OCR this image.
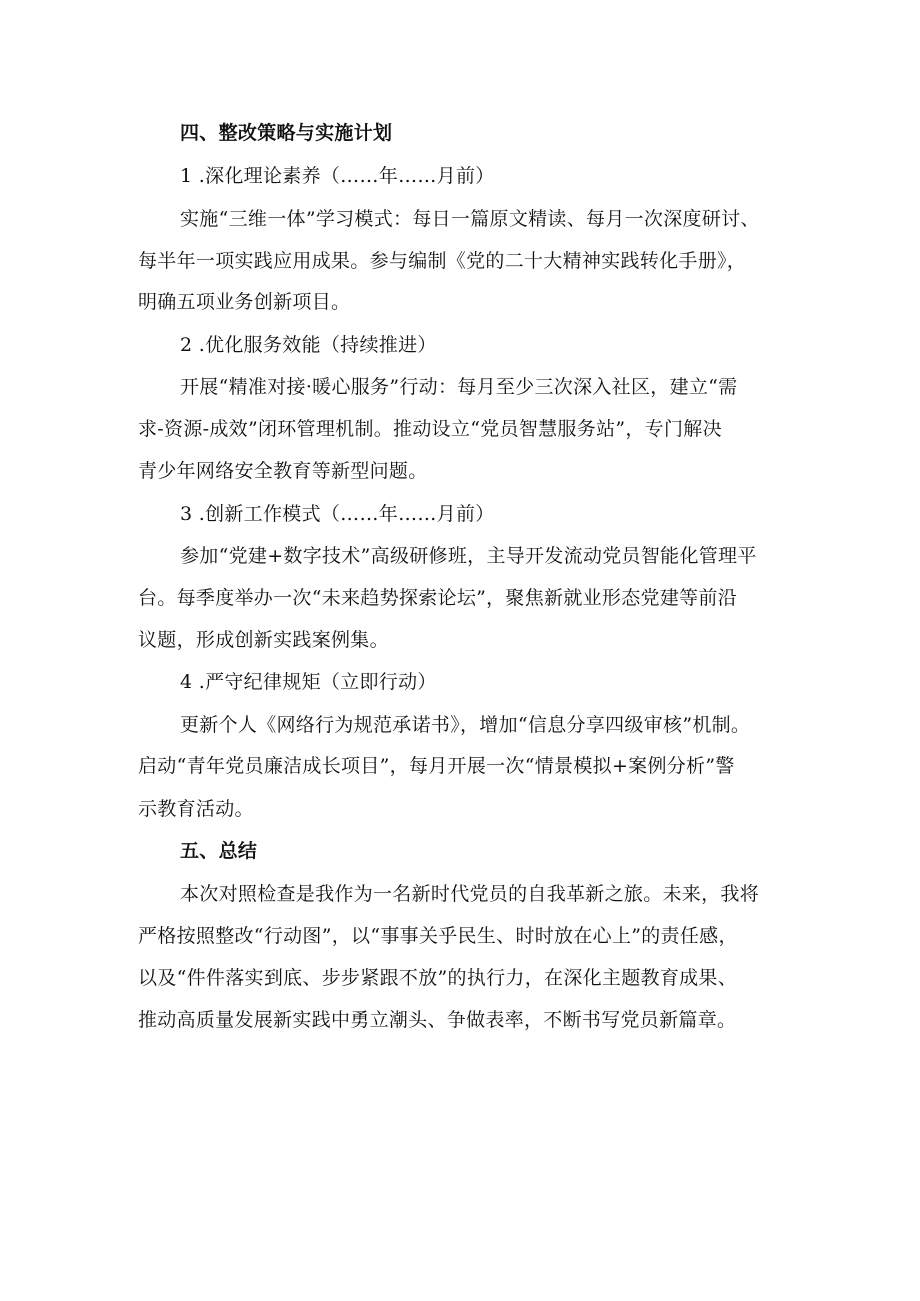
四、整改策略与实施计划
1 .深化理论素养（……年……月前）
实施“三维一体”学习模式：每日一篇原文精读、每月一次深度研讨、
每半年一项实践应用成果。参与编制《党的二十大精神实践转化手册》，
明确五项业务创新项目。
2 .优化服务效能（持续推进）
开展“精准对接·暖心服务”行动：每月至少三次深入社区，建立“需
求-资源-成效”闭环管理机制。推动设立“党员智慧服务站”，专门解决
青少年网络安全教育等新型问题。
3 .创新工作模式（……年……月前）
参加“党建+数字技术”高级研修班，主导开发流动党员智能化管理平
台。每季度举办一次“未来趋势探索论坛”，聚焦新就业形态党建等前沿
议题，形成创新实践案例集。
4 .严守纪律规矩（立即行动）
更新个人《网络行为规范承诺书》，增加“信息分享四级审核”机制。
启动“青年党员廉洁成长项目”，每月开展一次“情景模拟+案例分析”警
示教育活动。
五、总结
本次对照检查是我作为一名新时代党员的自我革新之旅。未来，我将
严格按照整改“行动图”，以“事事关乎民生、时时放在心上”的责任感，
以及“件件落实到底、步步紧跟不放”的执行力，在深化主题教育成果、
推动高质量发展新实践中勇立潮头、争做表率，不断书写党员新篇章。
